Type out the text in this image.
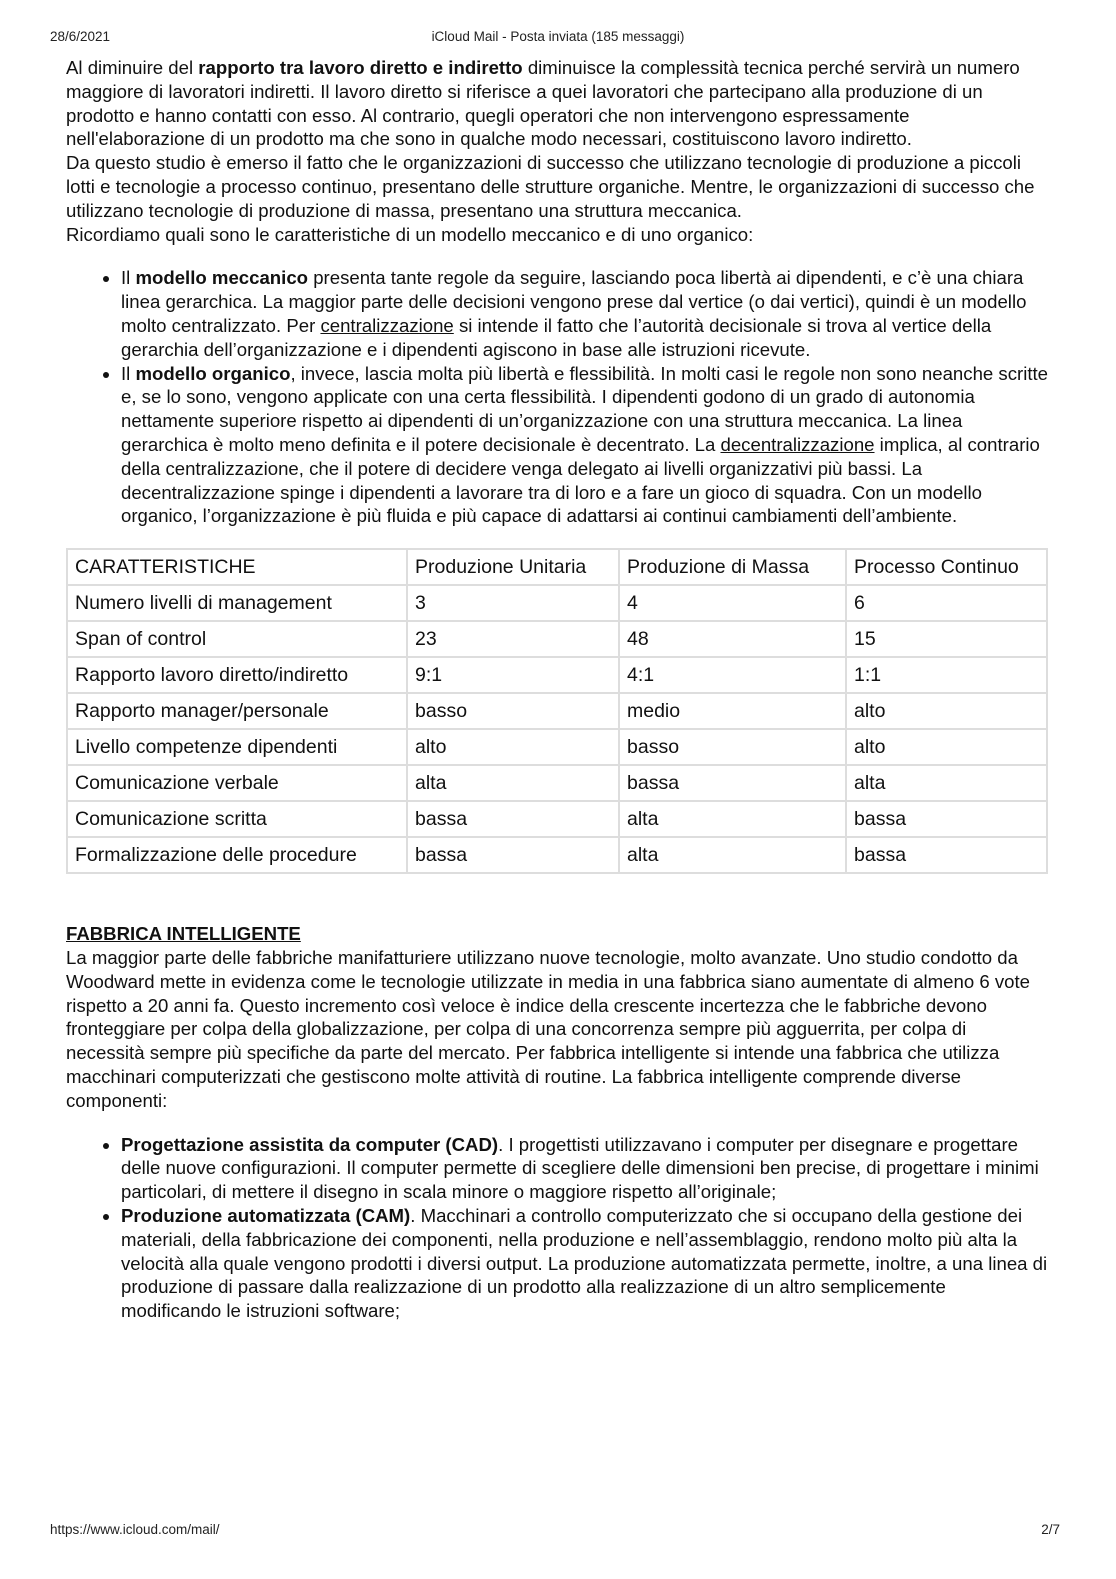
28/6/2021	iCloud Mail - Posta inviata (185 messaggi)

Al diminuire del rapporto tra lavoro diretto e indiretto diminuisce la complessità tecnica perché servirà un numero maggiore di lavoratori indiretti. Il lavoro diretto si riferisce a quei lavoratori che partecipano alla produzione di un prodotto e hanno contatti con esso. Al contrario, quegli operatori che non intervengono espressamente nell'elaborazione di un prodotto ma che sono in qualche modo necessari, costituiscono lavoro indiretto.

Da questo studio è emerso il fatto che le organizzazioni di successo che utilizzano tecnologie di produzione a piccoli lotti e tecnologie a processo continuo, presentano delle strutture organiche. Mentre, le organizzazioni di successo che utilizzano tecnologie di produzione di massa, presentano una struttura meccanica.

Ricordiamo quali sono le caratteristiche di un modello meccanico e di uno organico:

• Il modello meccanico presenta tante regole da seguire, lasciando poca libertà ai dipendenti, e c’è una chiara linea gerarchica. La maggior parte delle decisioni vengono prese dal vertice (o dai vertici), quindi è un modello molto centralizzato. Per centralizzazione si intende il fatto che l’autorità decisionale si trova al vertice della gerarchia dell’organizzazione e i dipendenti agiscono in base alle istruzioni ricevute.
• Il modello organico, invece, lascia molta più libertà e flessibilità. In molti casi le regole non sono neanche scritte e, se lo sono, vengono applicate con una certa flessibilità. I dipendenti godono di un grado di autonomia nettamente superiore rispetto ai dipendenti di un’organizzazione con una struttura meccanica. La linea gerarchica è molto meno definita e il potere decisionale è decentrato. La decentralizzazione implica, al contrario della centralizzazione, che il potere di decidere venga delegato ai livelli organizzativi più bassi. La decentralizzazione spinge i dipendenti a lavorare tra di loro e a fare un gioco di squadra. Con un modello organico, l’organizzazione è più fluida e più capace di adattarsi ai continui cambiamenti dell’ambiente.
CARATTERISTICHE	Produzione Unitaria	Produzione di Massa	Processo Continuo
Numero livelli di management	3	4	6
Span of control	23	48	15
Rapporto lavoro diretto/indiretto	9:1	4:1	1:1
Rapporto manager/personale	basso	medio	alto
Livello competenze dipendenti	alto	basso	alto
Comunicazione verbale	alta	bassa	alta
Comunicazione scritta	bassa	alta	bassa
Formalizzazione delle procedure	bassa	alta	bassa

FABBRICA INTELLIGENTE

La maggior parte delle fabbriche manifatturiere utilizzano nuove tecnologie, molto avanzate. Uno studio condotto da Woodward mette in evidenza come le tecnologie utilizzate in media in una fabbrica siano aumentate di almeno 6 vote rispetto a 20 anni fa. Questo incremento così veloce è indice della crescente incertezza che le fabbriche devono fronteggiare per colpa della globalizzazione, per colpa di una concorrenza sempre più agguerrita, per colpa di necessità sempre più specifiche da parte del mercato. Per fabbrica intelligente si intende una fabbrica che utilizza macchinari computerizzati che gestiscono molte attività di routine. La fabbrica intelligente comprende diverse componenti:

• Progettazione assistita da computer (CAD). I progettisti utilizzavano i computer per disegnare e progettare delle nuove configurazioni. Il computer permette di scegliere delle dimensioni ben precise, di progettare i minimi particolari, di mettere il disegno in scala minore o maggiore rispetto all’originale;
• Produzione automatizzata (CAM). Macchinari a controllo computerizzato che si occupano della gestione dei materiali, della fabbricazione dei componenti, nella produzione e nell’assemblaggio, rendono molto più alta la velocità alla quale vengono prodotti i diversi output. La produzione automatizzata permette, inoltre, a una linea di produzione di passare dalla realizzazione di un prodotto alla realizzazione di un altro semplicemente modificando le istruzioni software;
https://www.icloud.com/mail/	2/7
